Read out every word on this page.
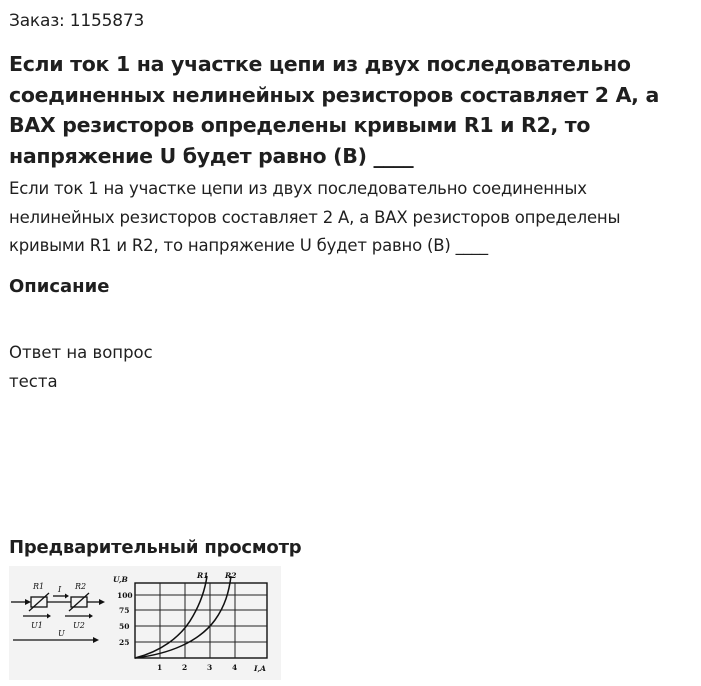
Заказ: 1155873
Если ток 1 на участке цепи из двух последовательно соединенных нелинейных резисторов составляет 2 А, а ВАХ резисторов определены кривыми R1 и R2, то напряжение U будет равно (В) ____
Если ток 1 на участке цепи из двух последовательно соединенных нелинейных резисторов составляет 2 А, а ВАХ резисторов определены кривыми R1 и R2, то напряжение U будет равно (В) ____
Описание
Ответ на вопрос теста
Предварительный просмотр
R1	R2
I
U1	U2
U
U,B
100
75
50
25
1	2	3	4 I,A
R1 R2
